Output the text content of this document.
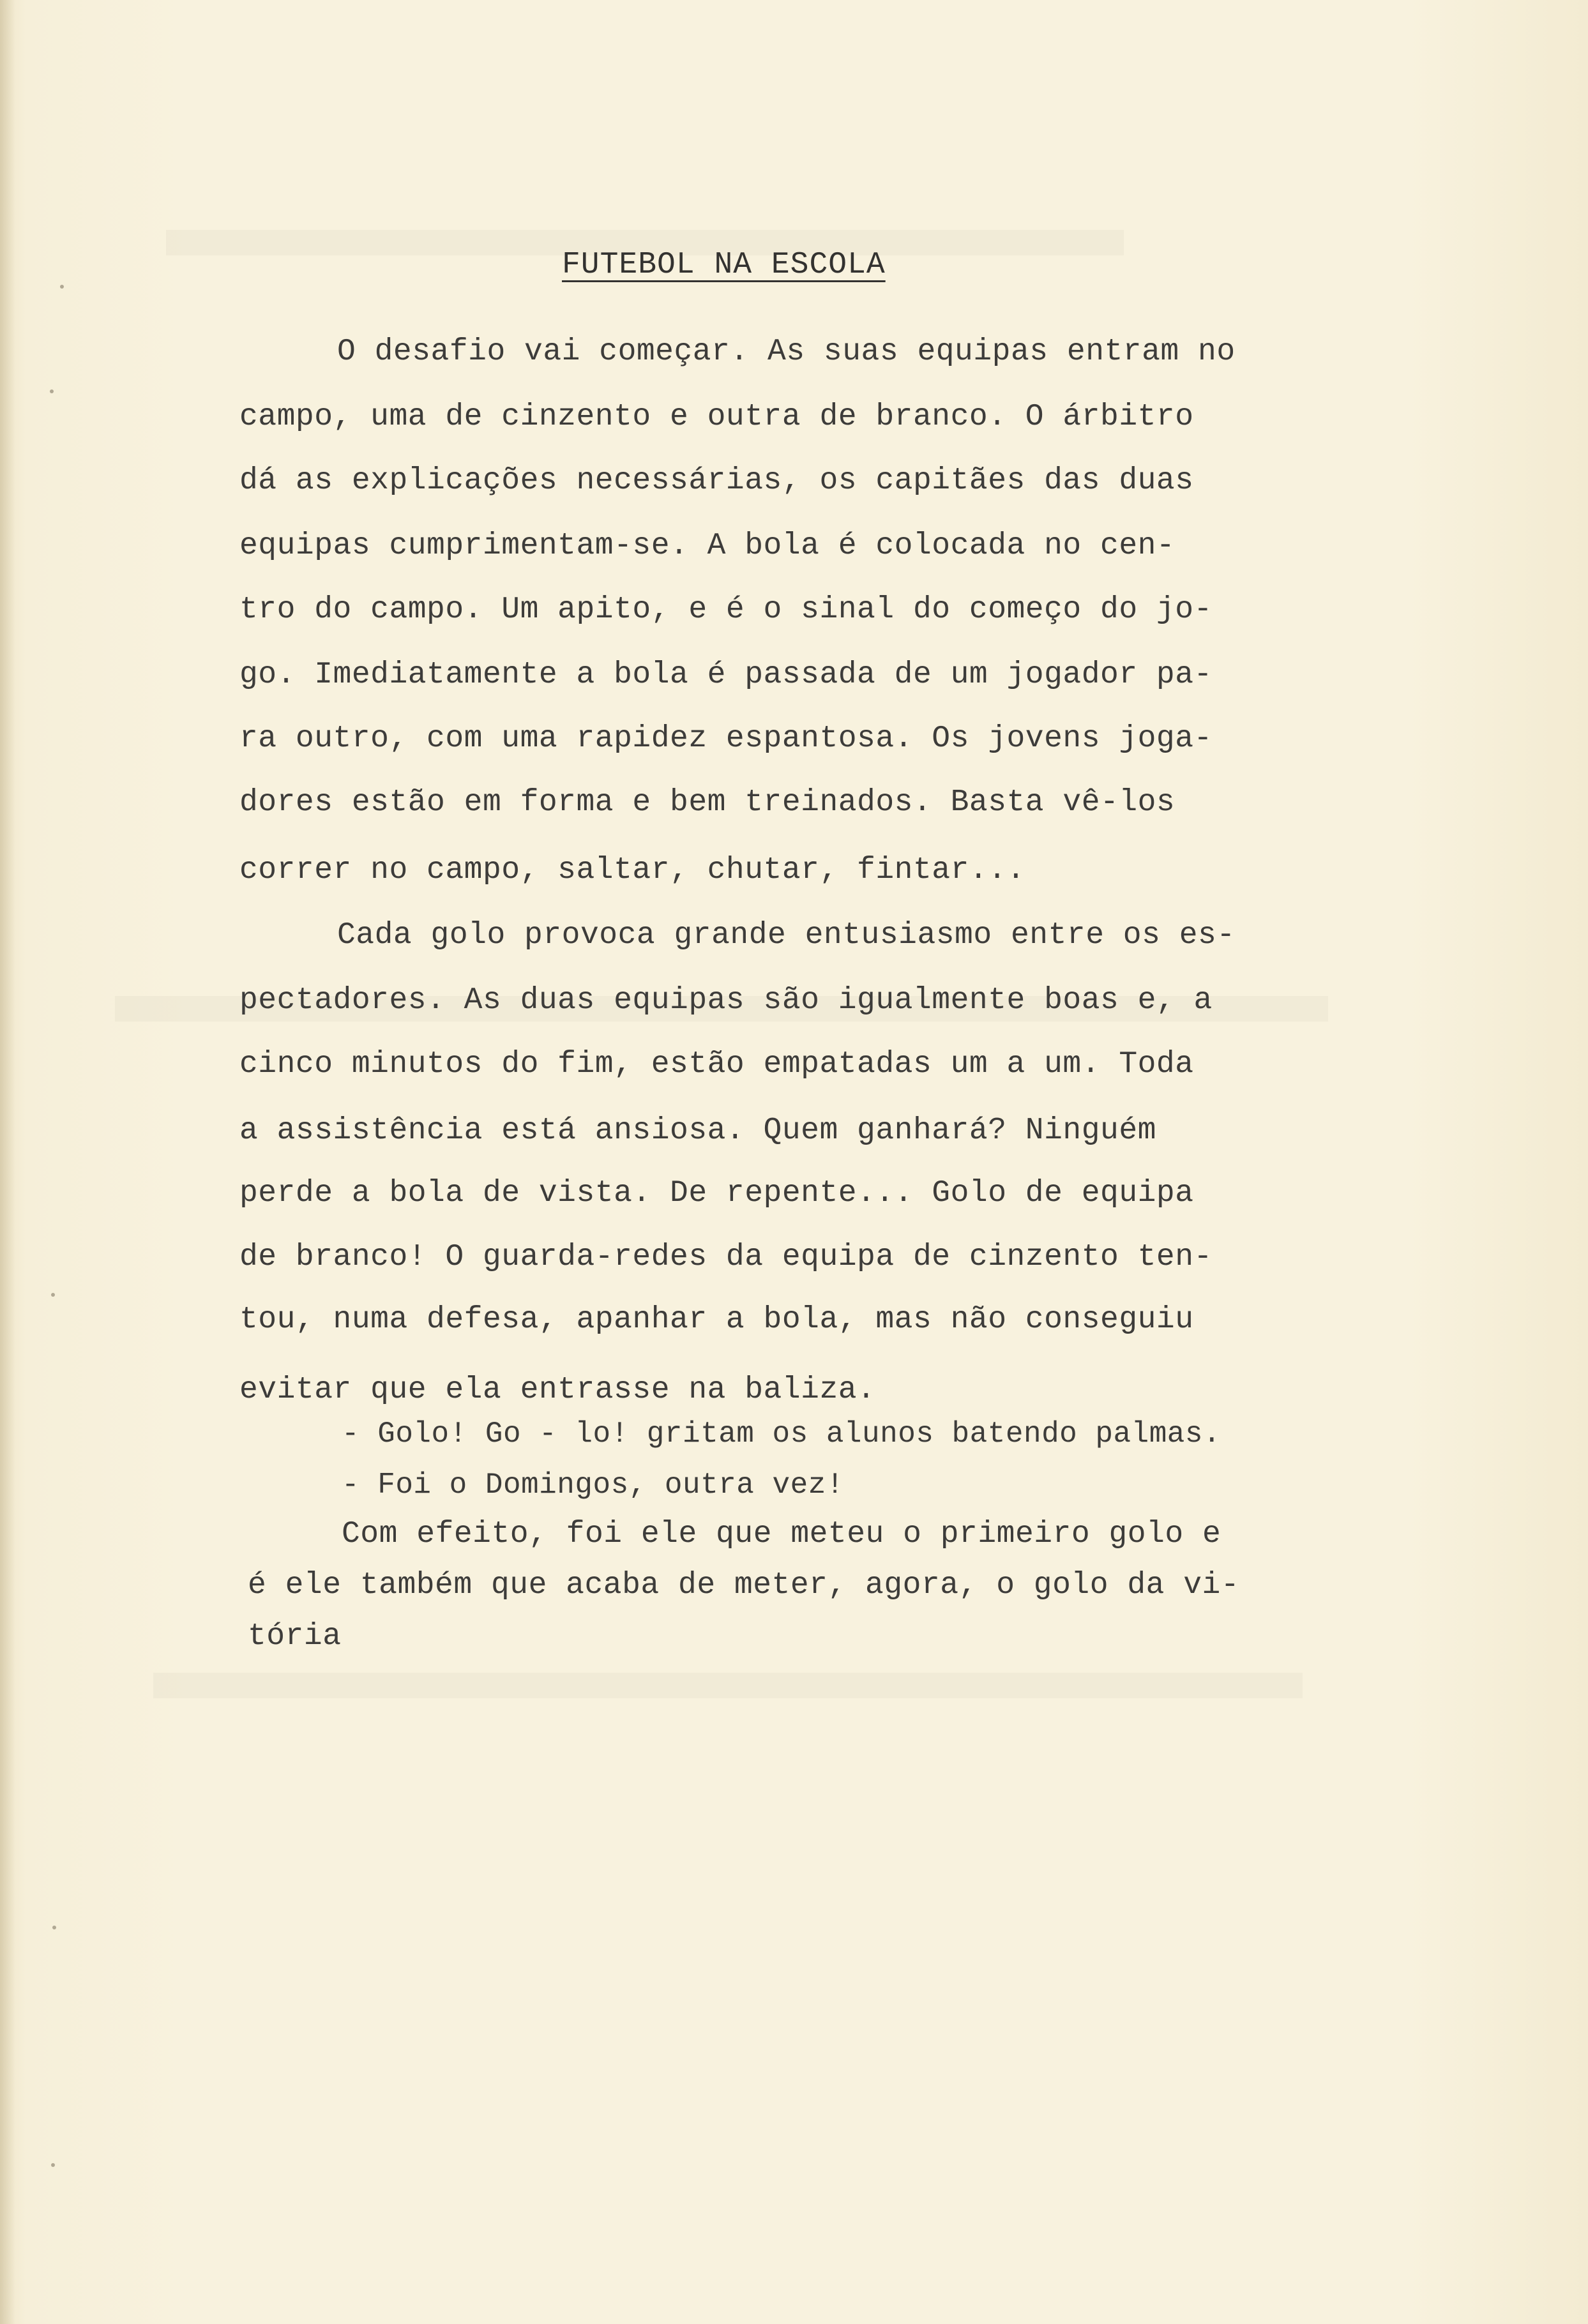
FUTEBOL NA ESCOLA
O desafio vai começar. As suas equipas entram no
campo, uma de cinzento e outra de branco. O árbitro
dá as explicações necessárias, os capitães das duas
equipas cumprimentam-se. A bola é colocada no cen-
tro do campo. Um apito, e é o sinal do começo do jo-
go. Imediatamente a bola é passada de um jogador pa-
ra outro, com uma rapidez espantosa. Os jovens joga-
dores estão em forma e bem treinados. Basta vê-los
correr no campo, saltar, chutar, fintar...
Cada golo provoca grande entusiasmo entre os es-
pectadores. As duas equipas são igualmente boas e, a
cinco minutos do fim, estão empatadas um a um. Toda
a assistência está ansiosa. Quem ganhará? Ninguém
perde a bola de vista. De repente... Golo de equipa
de branco! O guarda-redes da equipa de cinzento ten-
tou, numa defesa, apanhar a bola, mas não conseguiu
evitar que ela entrasse na baliza.
- Golo! Go - lo! gritam os alunos batendo palmas.
- Foi o Domingos, outra vez!
Com efeito, foi ele que meteu o primeiro golo e
é ele também que acaba de meter, agora, o golo da vi-
tória
